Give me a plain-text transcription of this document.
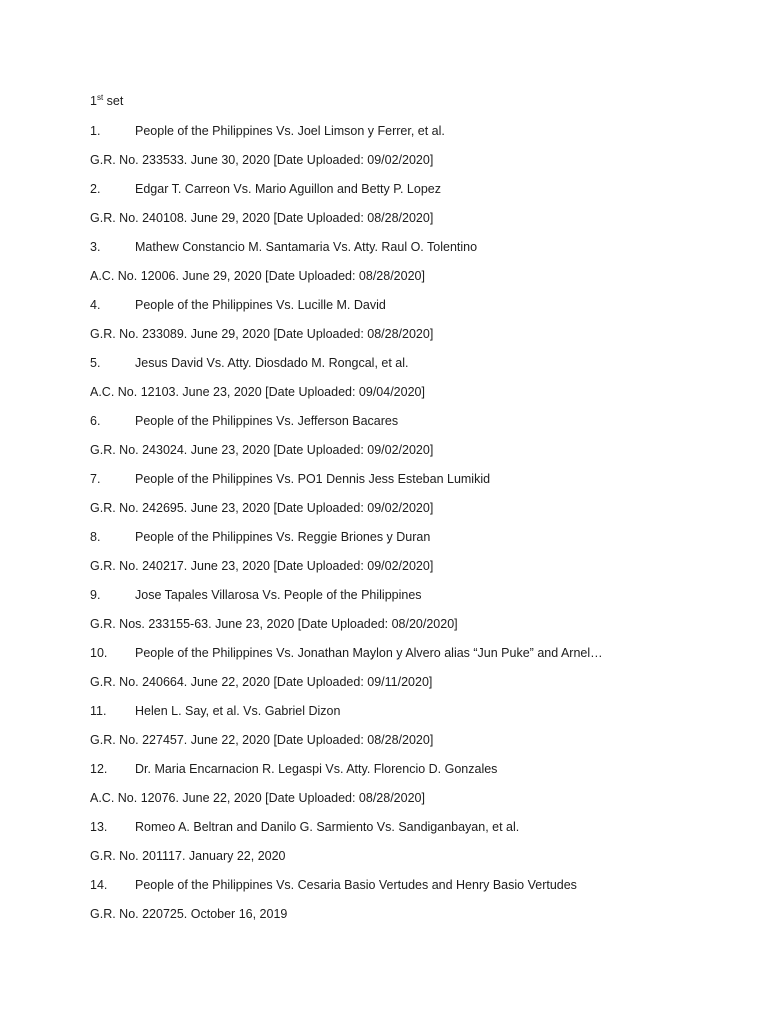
1st set
1.	People of the Philippines Vs. Joel Limson y Ferrer, et al.
G.R. No. 233533. June 30, 2020 [Date Uploaded: 09/02/2020]
2.	Edgar T. Carreon Vs. Mario Aguillon and Betty P. Lopez
G.R. No. 240108. June 29, 2020 [Date Uploaded: 08/28/2020]
3.	Mathew Constancio M. Santamaria Vs. Atty. Raul O. Tolentino
A.C. No. 12006. June 29, 2020 [Date Uploaded: 08/28/2020]
4.	People of the Philippines Vs. Lucille M. David
G.R. No. 233089. June 29, 2020 [Date Uploaded: 08/28/2020]
5.	Jesus David Vs. Atty. Diosdado M. Rongcal, et al.
A.C. No. 12103. June 23, 2020 [Date Uploaded: 09/04/2020]
6.	People of the Philippines Vs. Jefferson Bacares
G.R. No. 243024. June 23, 2020 [Date Uploaded: 09/02/2020]
7.	People of the Philippines Vs. PO1 Dennis Jess Esteban Lumikid
G.R. No. 242695. June 23, 2020 [Date Uploaded: 09/02/2020]
8.	People of the Philippines Vs. Reggie Briones y Duran
G.R. No. 240217. June 23, 2020 [Date Uploaded: 09/02/2020]
9.	Jose Tapales Villarosa Vs. People of the Philippines
G.R. Nos. 233155-63. June 23, 2020 [Date Uploaded: 08/20/2020]
10.	People of the Philippines Vs. Jonathan Maylon y Alvero alias “Jun Puke” and Arnel…
G.R. No. 240664. June 22, 2020 [Date Uploaded: 09/11/2020]
11.	Helen L. Say, et al. Vs. Gabriel Dizon
G.R. No. 227457. June 22, 2020 [Date Uploaded: 08/28/2020]
12.	Dr. Maria Encarnacion R. Legaspi Vs. Atty. Florencio D. Gonzales
A.C. No. 12076. June 22, 2020 [Date Uploaded: 08/28/2020]
13.	Romeo A. Beltran and Danilo G. Sarmiento Vs. Sandiganbayan, et al.
G.R. No. 201117. January 22, 2020
14.	People of the Philippines Vs. Cesaria Basio Vertudes and Henry Basio Vertudes
G.R. No. 220725. October 16, 2019
